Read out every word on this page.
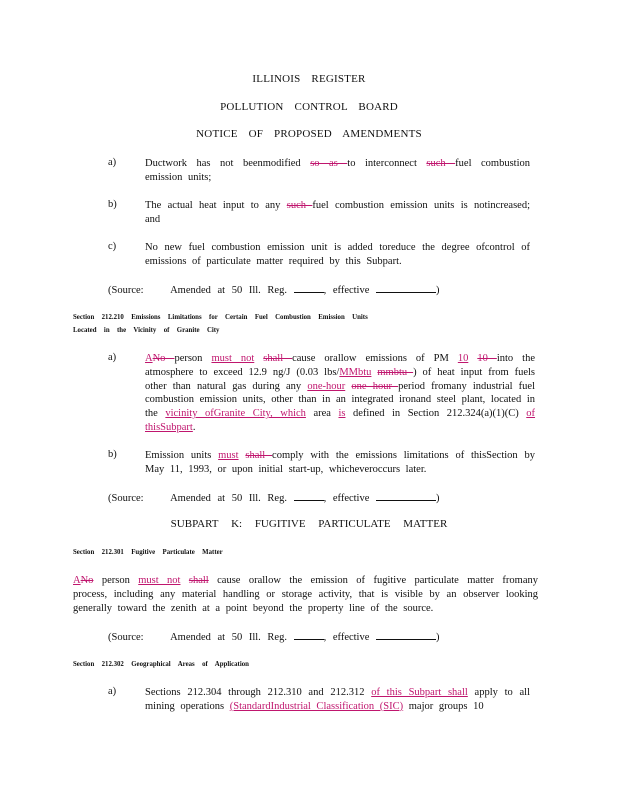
ILLINOIS REGISTER
POLLUTION CONTROL BOARD
NOTICE OF PROPOSED AMENDMENTS
a)	Ductwork has not beenmodified so as to interconnect such fuel combustion emission units;
b)	The actual heat input to any such fuel combustion emission units is notincreased; and
c)	No new fuel combustion emission unit is added toreduce the degree ofcontrol of emissions of particulate matter required by this Subpart.
(Source:	Amended at 50 Ill. Reg.	, effective	)
Section 212.210 Emissions Limitations for Certain Fuel Combustion Emission Units
Located in the Vicinity of Granite City
a)	ANo person must not shall cause orallow emissions of PM 10 10 into the atmosphere to exceed 12.9 ng/J (0.03 lbs/MMbtu mmbtu ) of heat input from fuels other than natural gas during any one-hour one hour period fromany industrial fuel combustion emission units, other than in an integrated ironand steel plant, located in the vicinity ofGranite City, which area is defined in Section 212.324(a)(1)(C) of thisSubpart.
b)	Emission units must shall comply with the emissions limitations of thisSection by May 11, 1993, or upon initial start-up, whicheveroccurs later.
(Source:	Amended at 50 Ill. Reg.	, effective	)
SUBPART K: FUGITIVE PARTICULATE MATTER
Section 212.301 Fugitive Particulate Matter
ANo person must not shall cause orallow the emission of fugitive particulate matter fromany process, including any material handling or storage activity, that is visible by an observer looking generally toward the zenith at a point beyond the property line of the source.
(Source:	Amended at 50 Ill. Reg.	, effective	)
Section 212.302 Geographical Areas of Application
a)	Sections 212.304 through 212.310 and 212.312 of this Subpart shall apply to all mining operations (StandardIndustrial Classification (SIC) major groups 10
